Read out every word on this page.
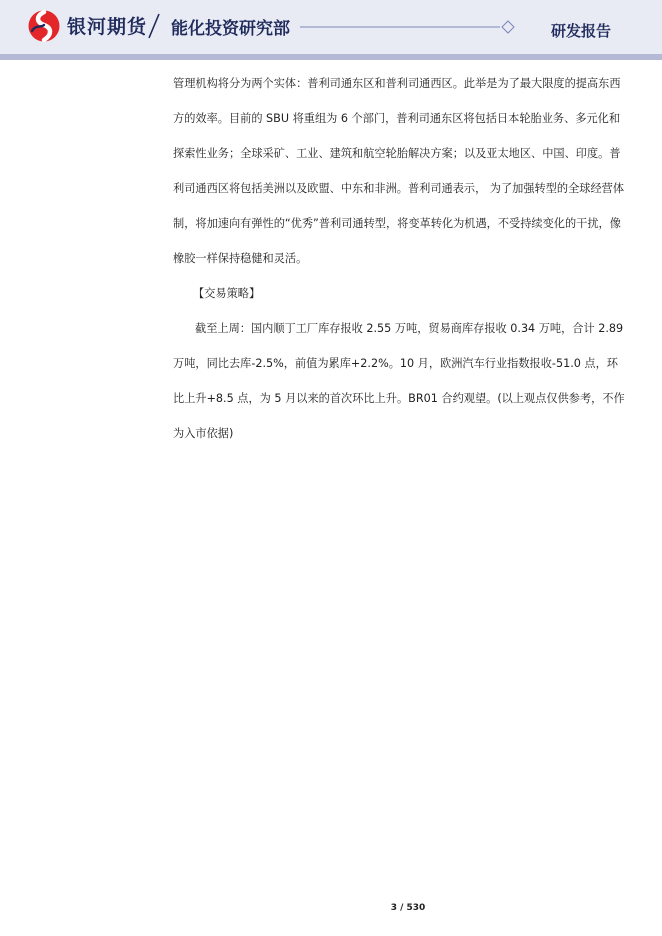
银河期货 能化投资研究部	研发报告

管理机构将分为两个实体：普利司通东区和普利司通西区。此举是为了最大限度的提高东西方的效率。目前的 SBU 将重组为 6 个部门，普利司通东区将包括日本轮胎业务、多元化和探索性业务；全球采矿、工业、建筑和航空轮胎解决方案；以及亚太地区、中国、印度。普利司通西区将包括美洲以及欧盟、中东和非洲。普利司通表示， 为了加强转型的全球经营体制，将加速向有弹性的“优秀”普利司通转型，将变革转化为机遇，不受持续变化的干扰，像橡胶一样保持稳健和灵活。

【交易策略】

截至上周：国内顺丁工厂库存报收 2.55 万吨，贸易商库存报收 0.34 万吨，合计 2.89 万吨，同比去库-2.5%，前值为累库+2.2%。10 月，欧洲汽车行业指数报收-51.0 点，环比上升+8.5 点，为 5 月以来的首次环比上升。BR01 合约观望。(以上观点仅供参考，不作为入市依据)

3 / 530
